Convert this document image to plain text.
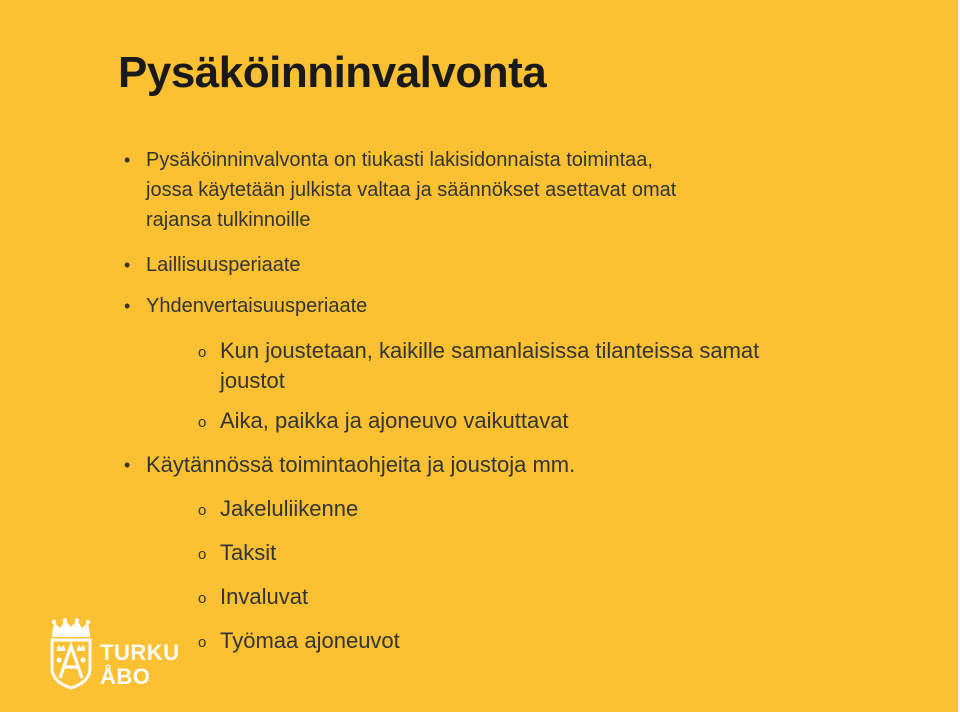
Pysäköinninvalvonta

• Pysäköinninvalvonta on tiukasti lakisidonnaista toimintaa,
jossa käytetään julkista valtaa ja säännökset asettavat omat
rajansa tulkinnoille

• Laillisuusperiaate

• Yhdenvertaisuusperiaate

o Kun joustetaan, kaikille samanlaisissa tilanteissa samat
joustot

o Aika, paikka ja ajoneuvo vaikuttavat

• Käytännössä toimintaohjeita ja joustoja mm.

o Jakeluliikenne

o Taksit

o Invaluvat

o Työmaa ajoneuvot

TURKU
ÅBO
